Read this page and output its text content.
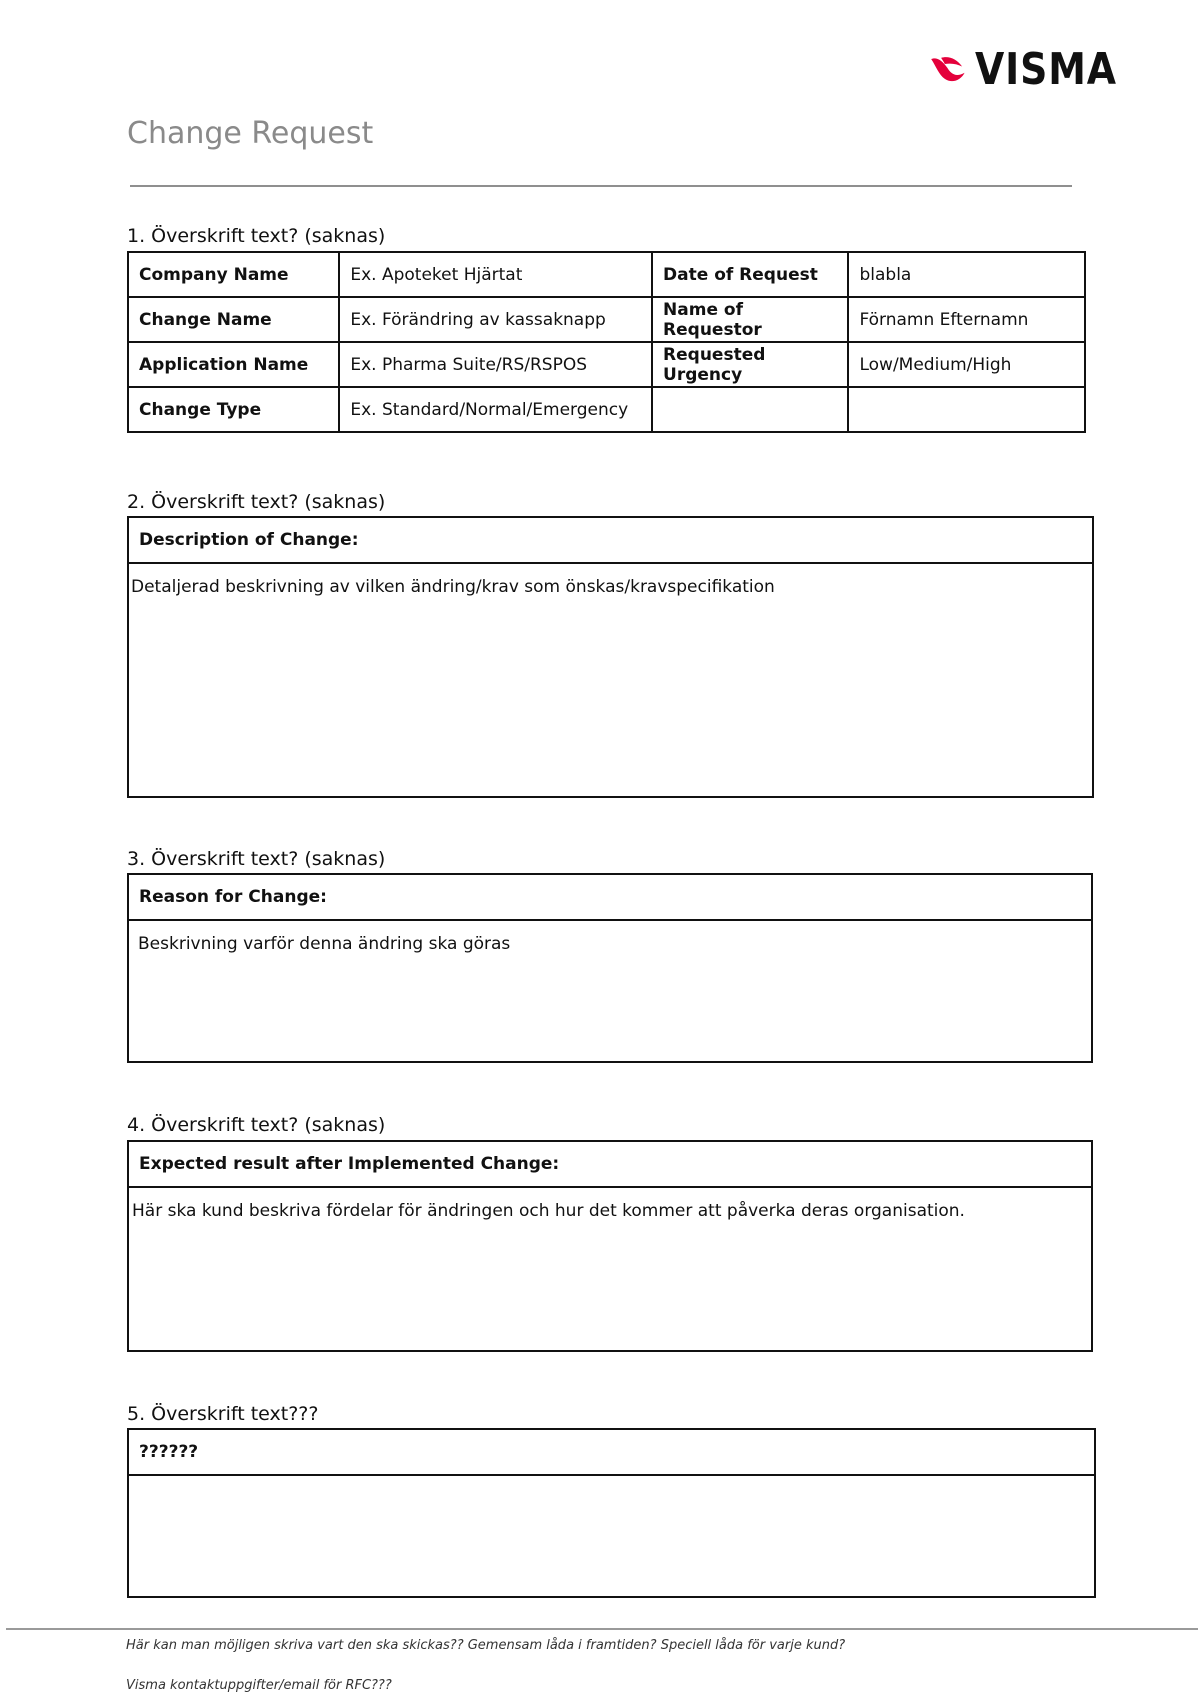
VISMA
Change Request
1. Överskrift text? (saknas)
Company Name	Ex. Apoteket Hjärtat	Date of Request	blabla
Change Name	Ex. Förändring av kassaknapp	Name of Requestor	Förnamn Efternamn
Application Name	Ex. Pharma Suite/RS/RSPOS	Requested Urgency	Low/Medium/High
Change Type	Ex. Standard/Normal/Emergency		
2. Överskrift text? (saknas)
Description of Change:
Detaljerad beskrivning av vilken ändring/krav som önskas/kravspecifikation
3. Överskrift text? (saknas)
Reason for Change:
Beskrivning varför denna ändring ska göras
4. Överskrift text? (saknas)
Expected result after Implemented Change:
Här ska kund beskriva fördelar för ändringen och hur det kommer att påverka deras organisation.
5. Överskrift text???
??????
Här kan man möjligen skriva vart den ska skickas?? Gemensam låda i framtiden? Speciell låda för varje kund?
Visma kontaktuppgifter/email för RFC???
